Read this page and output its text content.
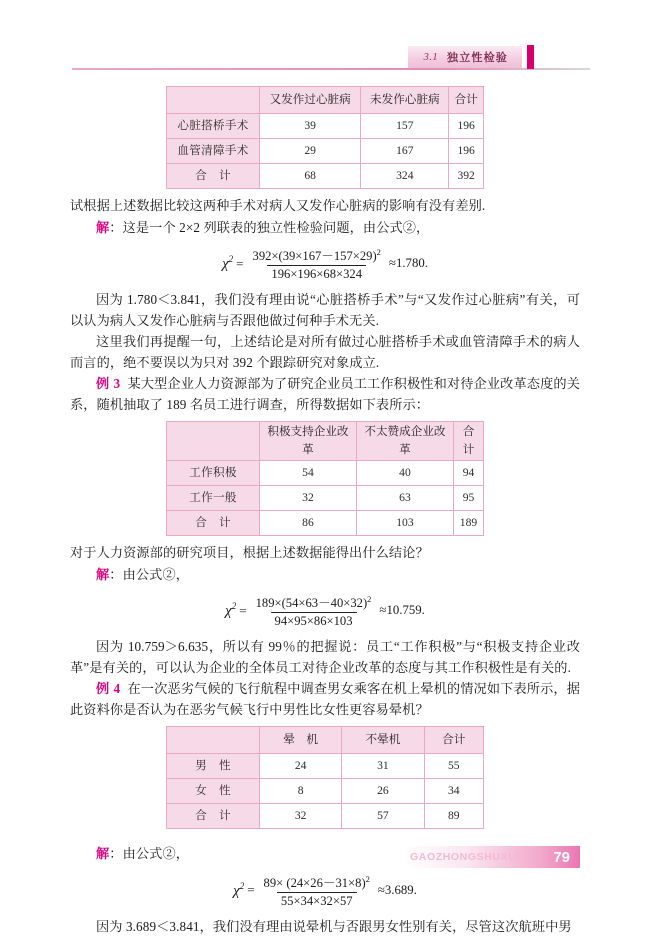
3.1 独立性检验
	又发作过心脏病	未发作心脏病	合计
心脏搭桥手术	39	157	196
血管清障手术	29	167	196
合　计	68	324	392

试根据上述数据比较这两种手术对病人又发作心脏病的影响有没有差别.

解：这是一个 2×2 列联表的独立性检验问题，由公式②，

$\chi^2 = \frac{392\times(39\times 167-157\times 29)^2}{196\times 196\times 68\times 324} \approx 1.780$.

因为 1.780＜3.841，我们没有理由说“心脏搭桥手术”与“又发作过心脏病”有关，可以认为病人又发作心脏病与否跟他做过何种手术无关.

这里我们再提醒一句，上述结论是对所有做过心脏搭桥手术或血管清障手术的病人而言的，绝不要误以为只对 392 个跟踪研究对象成立.

例 3 某大型企业人力资源部为了研究企业员工工作积极性和对待企业改革态度的关系，随机抽取了 189 名员工进行调查，所得数据如下表所示：

	积极支持企业改革	不太赞成企业改革	合计
工作积极	54	40	94
工作一般	32	63	95
合　计	86	103	189

对于人力资源部的研究项目，根据上述数据能得出什么结论？

解：由公式②，

$\chi^2 = \frac{189\times(54\times 63-40\times 32)^2}{94\times 95\times 86\times 103} \approx 10.759$.

因为 10.759＞6.635，所以有 99％的把握说：员工“工作积极”与“积极支持企业改革”是有关的，可以认为企业的全体员工对待企业改革的态度与其工作积极性是有关的.

例 4 在一次恶劣气候的飞行航程中调查男女乘客在机上晕机的情况如下表所示，据此资料你是否认为在恶劣气候飞行中男性比女性更容易晕机？

	晕　机	不晕机	合计
男　性	24	31	55
女　性	8	26	34
合　计	32	57	89

解：由公式②，

$\chi^2 = \frac{89\times (24\times 26-31\times 8)^2}{55\times 34\times 32\times 57} \approx 3.689$.

因为 3.689＜3.841，我们没有理由说晕机与否跟男女性别有关，尽管这次航班中男

GAOZHONGSHUXUE 79
